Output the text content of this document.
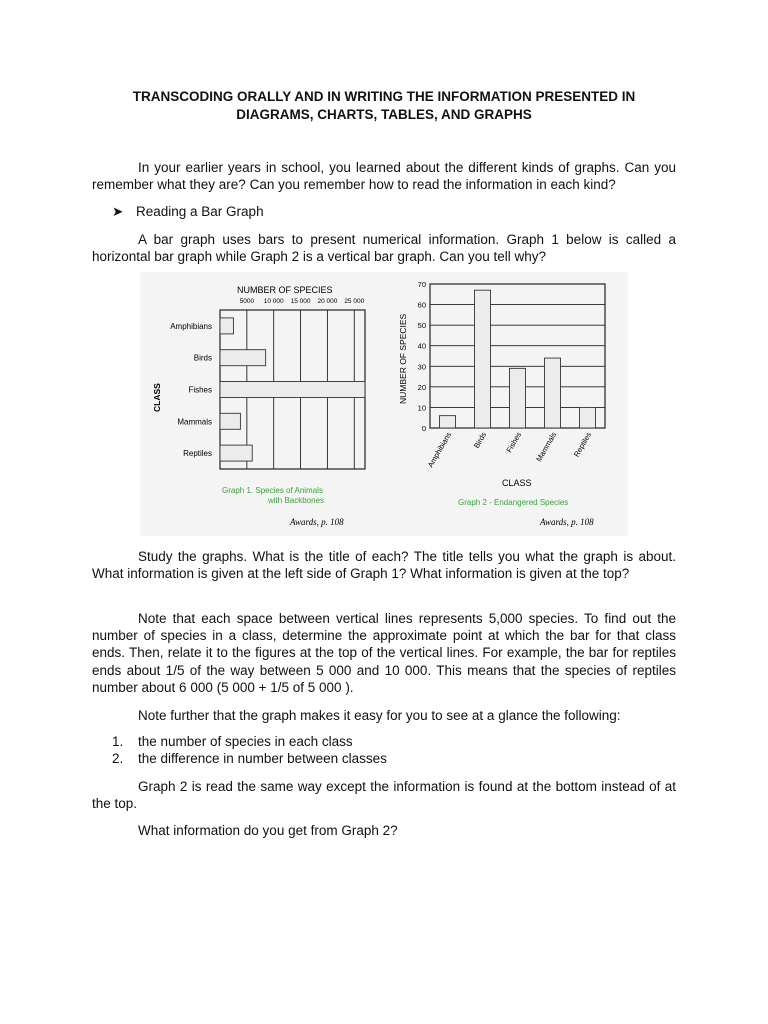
TRANSCODING ORALLY AND IN WRITING THE INFORMATION PRESENTED IN
DIAGRAMS, CHARTS, TABLES, AND GRAPHS

In your earlier years in school, you learned about the different kinds of graphs. Can you remember what they are? Can you remember how to read the information in each kind?

➤ Reading a Bar Graph

A bar graph uses bars to present numerical information. Graph 1 below is called a horizontal bar graph while Graph 2 is a vertical bar graph. Can you tell why?

NUMBER OF SPECIES
5000 10 000 15 000 20 000 25 000
Amphibians
Birds
Fishes
Mammals
Reptiles
CLASS
Graph 1. Species of Animals
with Backbones
Awards, p. 108
0
10
20
30
40
50
60
70
Amphibians Birds Fishes Mammals Reptiles
NUMBER OF SPECIES
CLASS
Graph 2 - Endangered Species
Awards, p. 108

Study the graphs. What is the title of each? The title tells you what the graph is about. What information is given at the left side of Graph 1? What information is given at the top?

Note that each space between vertical lines represents 5,000 species. To find out the number of species in a class, determine the approximate point at which the bar for that class ends. Then, relate it to the figures at the top of the vertical lines. For example, the bar for reptiles ends about 1/5 of the way between 5 000 and 10 000. This means that the species of reptiles number about 6 000 (5 000 + 1/5 of 5 000 ).

Note further that the graph makes it easy for you to see at a glance the following:

1. the number of species in each class
2. the difference in number between classes

Graph 2 is read the same way except the information is found at the bottom instead of at the top.

What information do you get from Graph 2?
